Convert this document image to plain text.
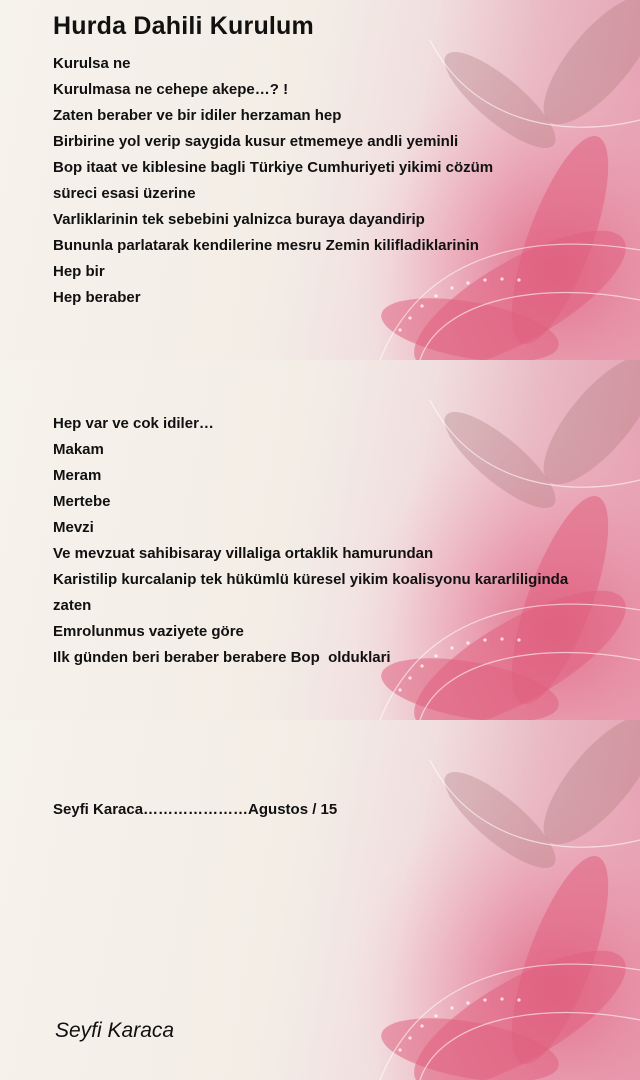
Hurda Dahili Kurulum
Kurulsa ne
Kurulmasa ne cehepe akepe…? !
Zaten beraber ve bir idiler herzaman hep
Birbirine yol verip saygida kusur etmemeye andli yeminli
Bop itaat ve kiblesine bagli Türkiye Cumhuriyeti yikimi cözüm
süreci esasi üzerine
Varliklarinin tek sebebini yalnizca buraya dayandirip
Bununla parlatarak kendilerine mesru Zemin kilifladiklarinin
Hep bir
Hep beraber
Hep var ve cok idiler…
Makam
Meram
Mertebe
Mevzi
Ve mevzuat sahibisaray villaliga ortaklik hamurundan
Karistilip kurcalanip tek hükümlü küresel yikim koalisyonu kararliliginda
zaten
Emrolunmus vaziyete göre
Ilk günden beri beraber berabere Bop  olduklari
Seyfi Karaca…………………Agustos / 15
Seyfi Karaca
